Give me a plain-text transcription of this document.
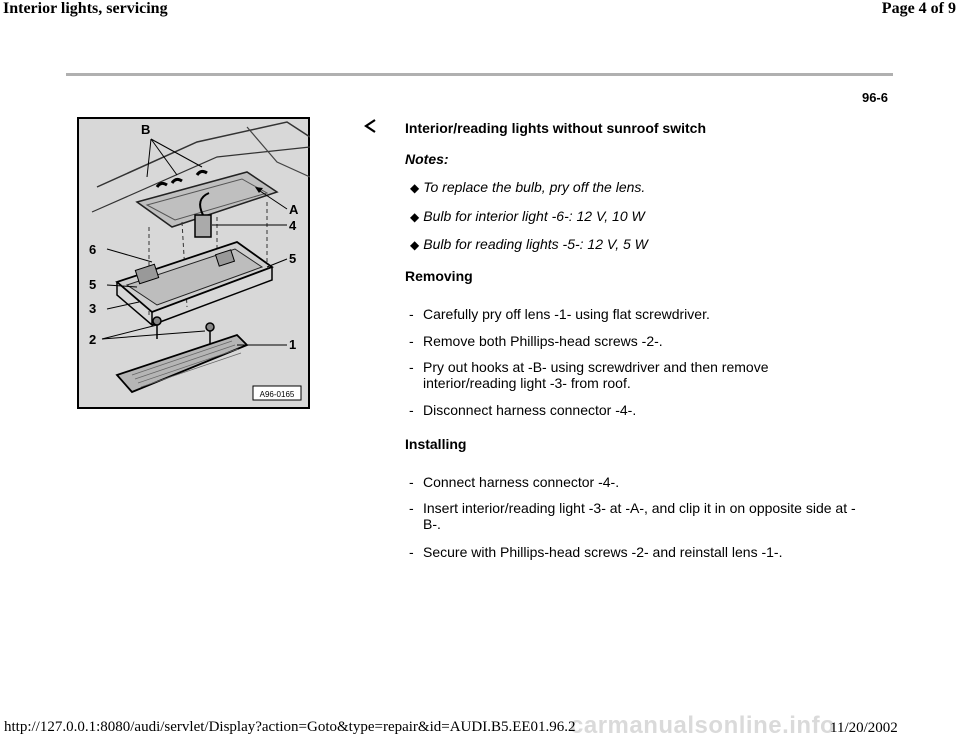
Interior lights, servicing	Page 4 of 9
96-6
B
A
4
6
5
5
3
2	1
A96-0165
Interior/reading lights without sunroof switch
Notes:
◆ To replace the bulb, pry off the lens.
◆ Bulb for interior light -6-: 12 V, 10 W
◆ Bulb for reading lights -5-: 12 V, 5 W
Removing
- Carefully pry off lens -1- using flat screwdriver.
- Remove both Phillips-head screws -2-.
- Pry out hooks at -B- using screwdriver and then remove
interior/reading light -3- from roof.
- Disconnect harness connector -4-.
Installing
- Connect harness connector -4-.
- Insert interior/reading light -3- at -A-, and clip it in on opposite side at -
B-.
- Secure with Phillips-head screws -2- and reinstall lens -1-.
carmanualsonline.info
http://127.0.0.1:8080/audi/servlet/Display?action=Goto&type=repair&id=AUDI.B5.EE01.96.2	11/20/2002
